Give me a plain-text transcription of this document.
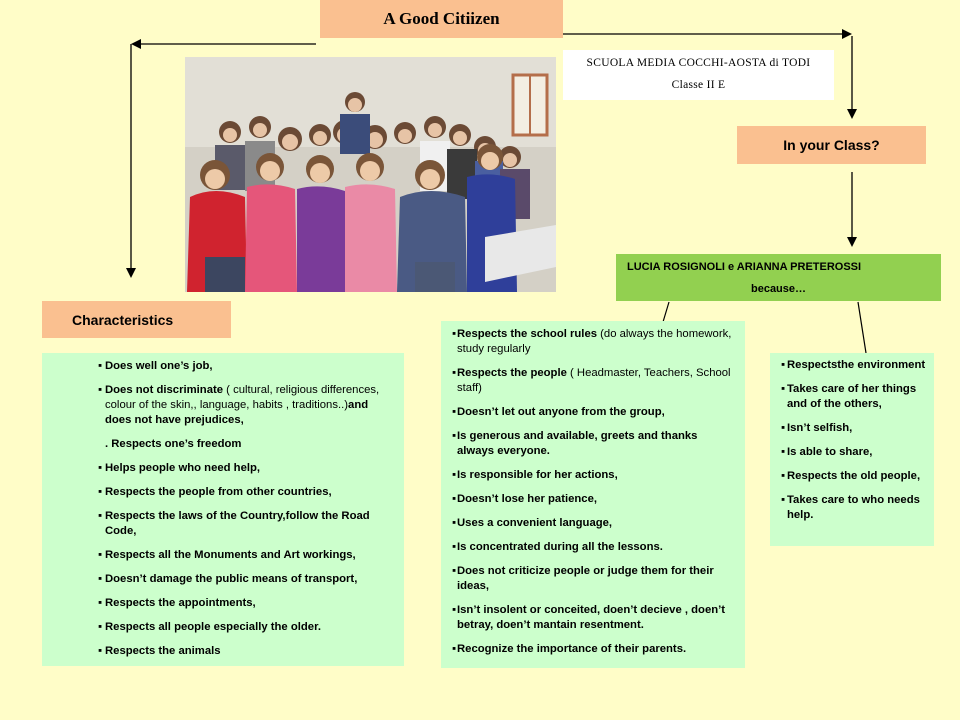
A Good Citiizen
SCUOLA MEDIA COCCHI-AOSTA di TODI
Classe II E
In your Class?
LUCIA ROSIGNOLI e ARIANNA PRETEROSSI
because…
Characteristics
▪ Does well one’s job,
▪ Does not discriminate ( cultural, religious differences, colour of the skin,, language, habits , traditions..)and does not have prejudices,
. Respects one’s freedom
▪ Helps people who need help,
▪ Respects the people from other countries,
▪ Respects the laws of the Country,follow the Road Code,
▪ Respects all the Monuments and Art workings,
▪ Doesn’t damage the public means of transport,
▪ Respects the appointments,
▪ Respects all people especially the older.
▪ Respects the animals
▪ Respects the school rules (do always the homework, study regularly
▪ Respects the people ( Headmaster, Teachers, School staff)
▪ Doesn’t let out anyone from the group,
▪ Is generous and available, greets and thanks always everyone.
▪ Is responsible for her actions,
▪ Doesn’t lose her patience,
▪ Uses a convenient language,
▪ Is concentrated during all the lessons.
▪ Does not criticize people or judge them for their ideas,
▪ Isn’t insolent or conceited, doen’t decieve , doen’t betray, doen’t mantain resentment.
▪ Recognize the importance of their parents.
▪ Respectsthe environment
▪ Takes care of her things and of the others,
▪ Isn’t selfish,
▪ Is able to share,
▪ Respects the old people,
▪ Takes care to who needs help.
